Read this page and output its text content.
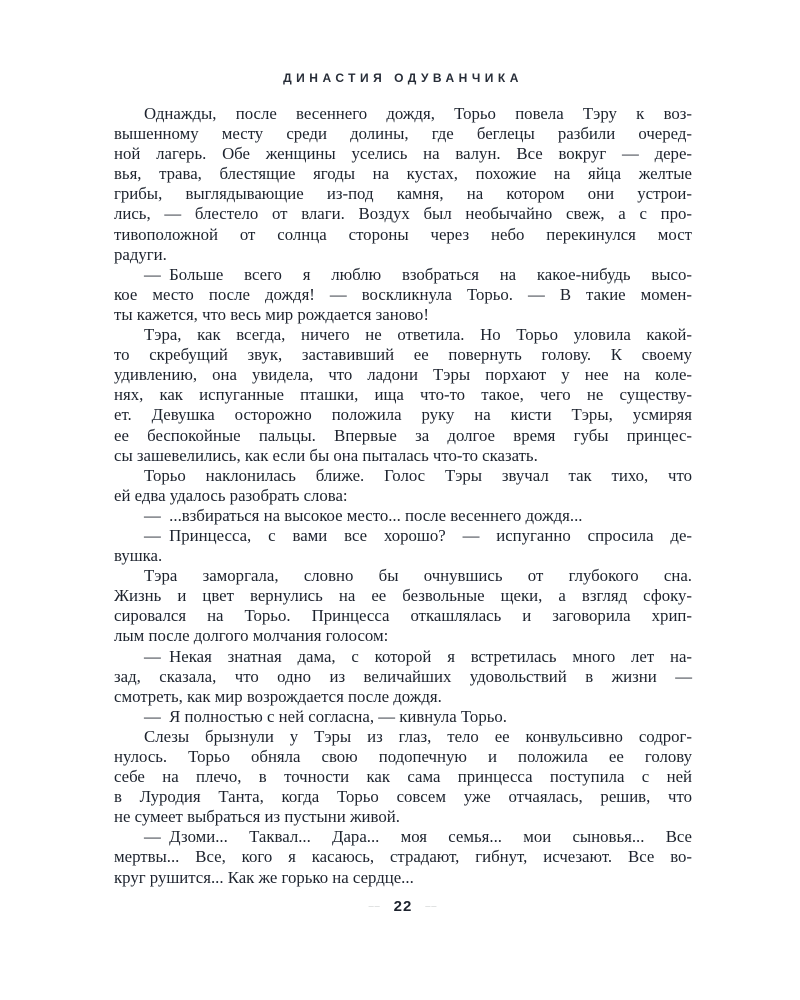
ДИНАСТИЯ ОДУВАНЧИКА
Однажды, после весеннего дождя, Торьо повела Тэру к воз-
вышенному месту среди долины, где беглецы разбили очеред-
ной лагерь. Обе женщины уселись на валун. Все вокруг — дере-
вья, трава, блестящие ягоды на кустах, похожие на яйца желтые
грибы, выглядывающие из-под камня, на котором они устрои-
лись, — блестело от влаги. Воздух был необычайно свеж, а с про-
тивоположной от солнца стороны через небо перекинулся мост
радуги.
— Больше всего я люблю взобраться на какое-нибудь высо-
кое место после дождя! — воскликнула Торьо. — В такие момен-
ты кажется, что весь мир рождается заново!
Тэра, как всегда, ничего не ответила. Но Торьо уловила какой-
то скребущий звук, заставивший ее повернуть голову. К своему
удивлению, она увидела, что ладони Тэры порхают у нее на коле-
нях, как испуганные пташки, ища что-то такое, чего не существу-
ет. Девушка осторожно положила руку на кисти Тэры, усмиряя
ее беспокойные пальцы. Впервые за долгое время губы принцес-
сы зашевелились, как если бы она пыталась что-то сказать.
Торьо наклонилась ближе. Голос Тэры звучал так тихо, что
ей едва удалось разобрать слова:
— ...взбираться на высокое место... после весеннего дождя...
— Принцесса, с вами все хорошо? — испуганно спросила де-
вушка.
Тэра заморгала, словно бы очнувшись от глубокого сна.
Жизнь и цвет вернулись на ее безвольные щеки, а взгляд сфоку-
сировался на Торьо. Принцесса откашлялась и заговорила хрип-
лым после долгого молчания голосом:
— Некая знатная дама, с которой я встретилась много лет на-
зад, сказала, что одно из величайших удовольствий в жизни —
смотреть, как мир возрождается после дождя.
— Я полностью с ней согласна, — кивнула Торьо.
Слезы брызнули у Тэры из глаз, тело ее конвульсивно содрог-
нулось. Торьо обняла свою подопечную и положила ее голову
себе на плечо, в точности как сама принцесса поступила с ней
в Луродия Танта, когда Торьо совсем уже отчаялась, решив, что
не сумеет выбраться из пустыни живой.
— Дзоми... Таквал... Дара... моя семья... мои сыновья... Все
мертвы... Все, кого я касаюсь, страдают, гибнут, исчезают. Все во-
круг рушится... Как же горько на сердце...
–– 22 ––
